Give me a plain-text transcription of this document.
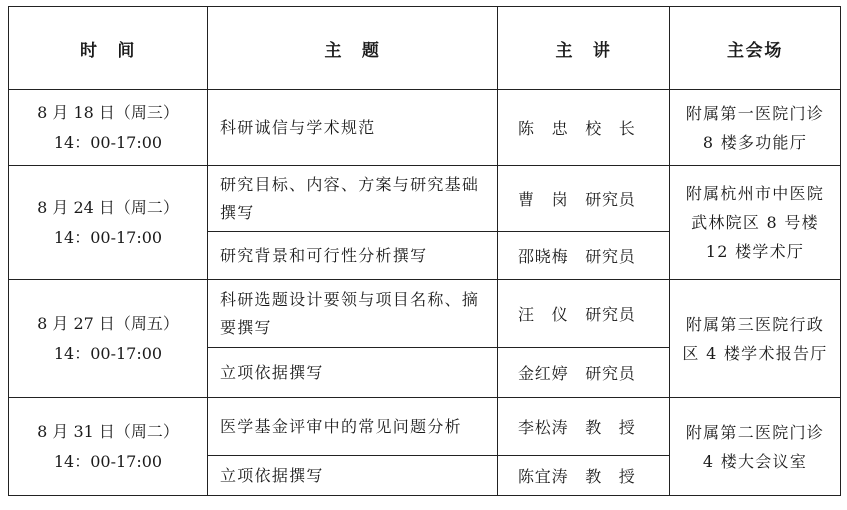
时　间	主　题	主　讲	主会场

8 月 18 日（周三）
14：00-17:00	科研诚信与学术规范	陈　忠　校　长	附属第一医院门诊 8 楼多功能厅

8 月 24 日（周二）
14：00-17:00	研究目标、内容、方案与研究基础撰写	曹　岗　研究员	附属杭州市中医院武林院区 8 号楼 12 楼学术厅
	研究背景和可行性分析撰写	邵晓梅　研究员	

8 月 27 日（周五）
14：00-17:00	科研选题设计要领与项目名称、摘要撰写	汪　仪　研究员	附属第三医院行政区 4 楼学术报告厅
	立项依据撰写	金红婷　研究员	

8 月 31 日（周二）
14：00-17:00	医学基金评审中的常见问题分析	李松涛　教　授	附属第二医院门诊 4 楼大会议室
	立项依据撰写	陈宜涛　教　授	
